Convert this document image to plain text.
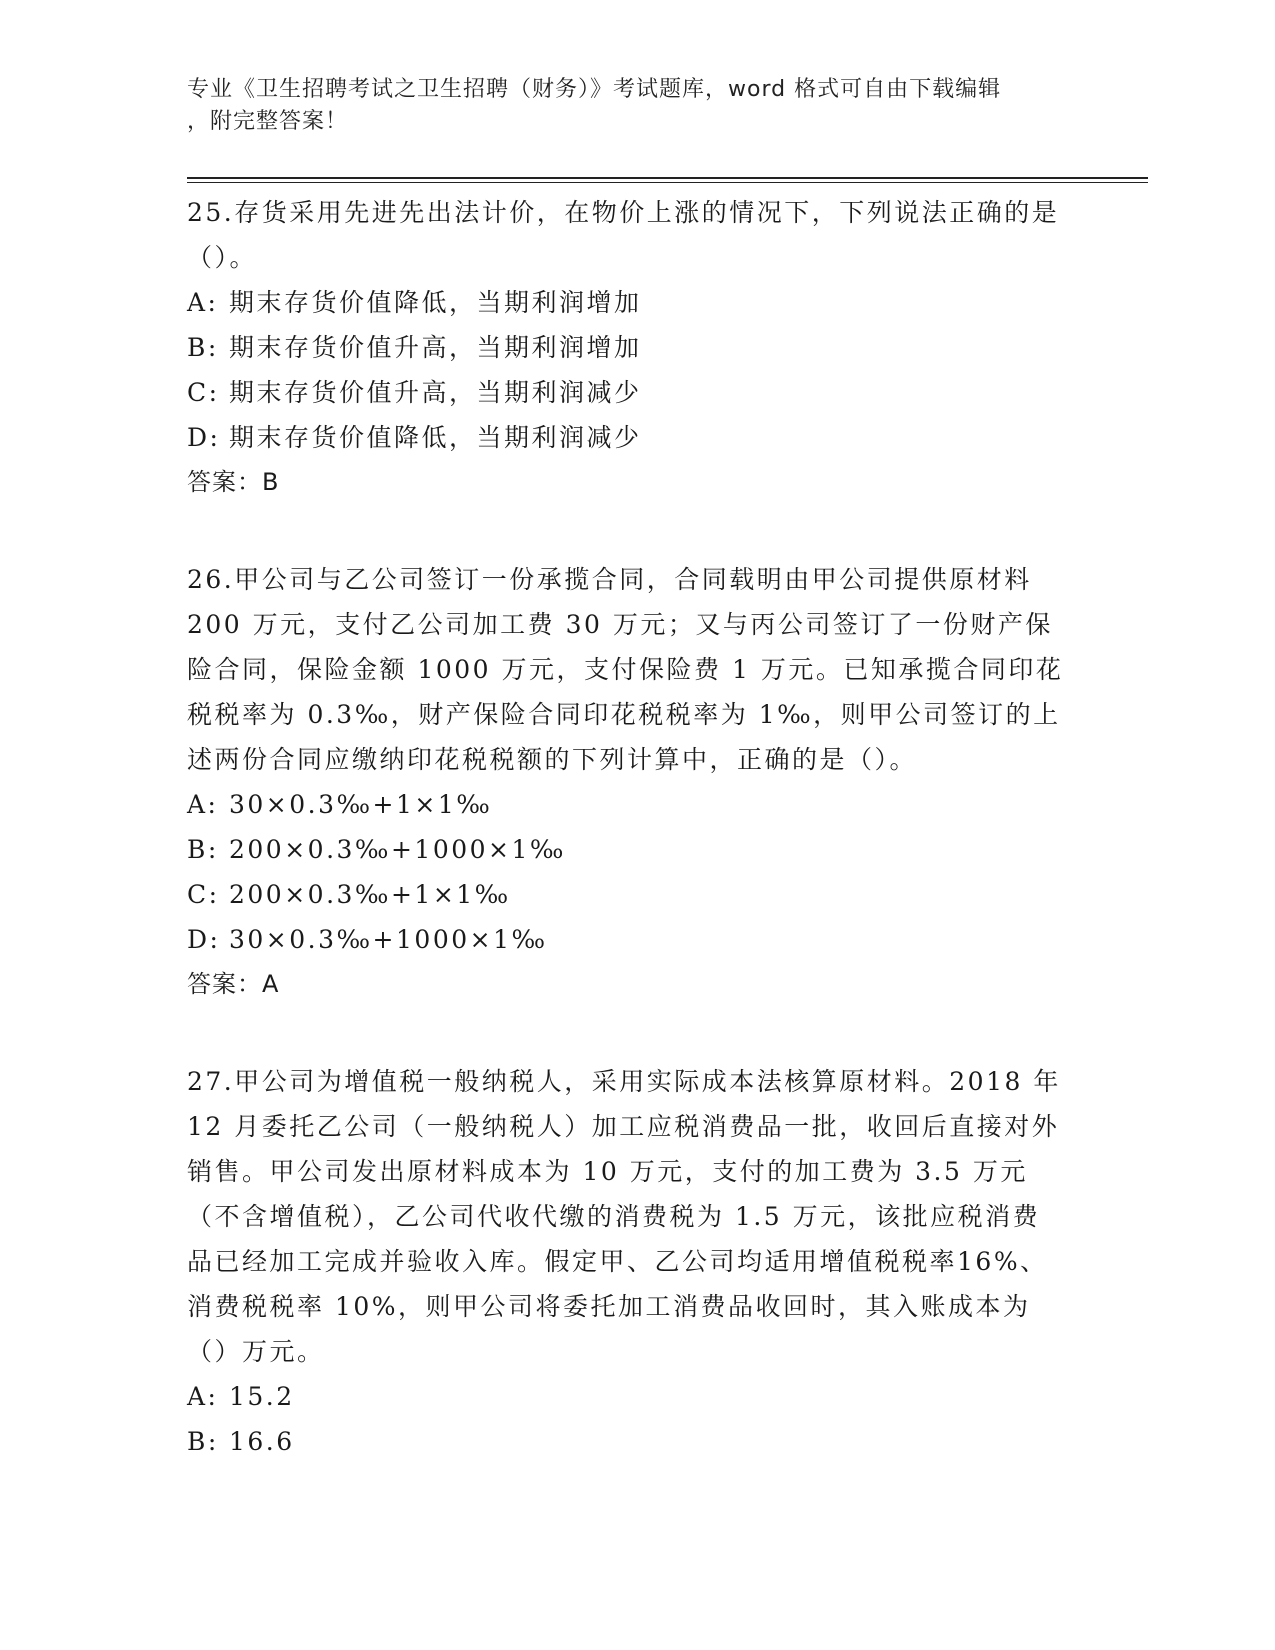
专业《卫生招聘考试之卫生招聘（财务）》考试题库，word 格式可自由下载编辑
，附完整答案！

25.存货采用先进先出法计价，在物价上涨的情况下，下列说法正确的是（）。

A: 期末存货价值降低，当期利润增加

B: 期末存货价值升高，当期利润增加

C: 期末存货价值升高，当期利润减少

D: 期末存货价值降低，当期利润减少

答案：B

26.甲公司与乙公司签订一份承揽合同，合同载明由甲公司提供原材料200 万元，支付乙公司加工费 30 万元；又与丙公司签订了一份财产保险合同，保险金额 1000 万元，支付保险费 1 万元。已知承揽合同印花税税率为 0.3‰，财产保险合同印花税税率为 1‰，则甲公司签订的上述两份合同应缴纳印花税税额的下列计算中，正确的是（）。

A: 30×0.3‰+1×1‰

B: 200×0.3‰+1000×1‰

C: 200×0.3‰+1×1‰

D: 30×0.3‰+1000×1‰

答案：A

27.甲公司为增值税一般纳税人，采用实际成本法核算原材料。2018 年 12 月委托乙公司（一般纳税人）加工应税消费品一批，收回后直接对外销售。甲公司发出原材料成本为 10 万元，支付的加工费为 3.5 万元（不含增值税），乙公司代收代缴的消费税为 1.5 万元，该批应税消费品已经加工完成并验收入库。假定甲、乙公司均适用增值税税率16%、消费税税率 10%，则甲公司将委托加工消费品收回时，其入账成本为（）万元。

A: 15.2

B: 16.6
